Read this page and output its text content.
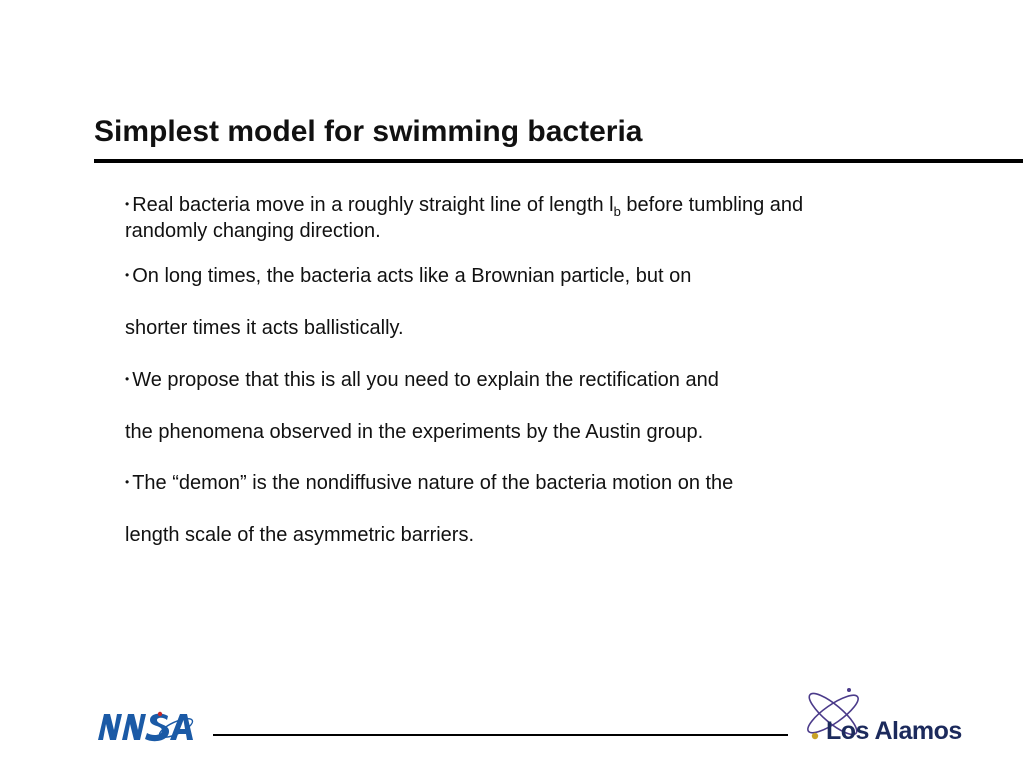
Simplest model for swimming bacteria

• Real bacteria move in a roughly straight line of length $l_b$ before tumbling and randomly changing direction.

• On long times, the bacteria acts like a Brownian particle, but on
shorter times it acts ballistically.

• We propose that this is all you need to explain the rectification and
the phenomena observed in the experiments by the Austin group.

• The “demon” is the nondiffusive nature of the bacteria motion on the
length scale of the asymmetric barriers.

Los Alamos
